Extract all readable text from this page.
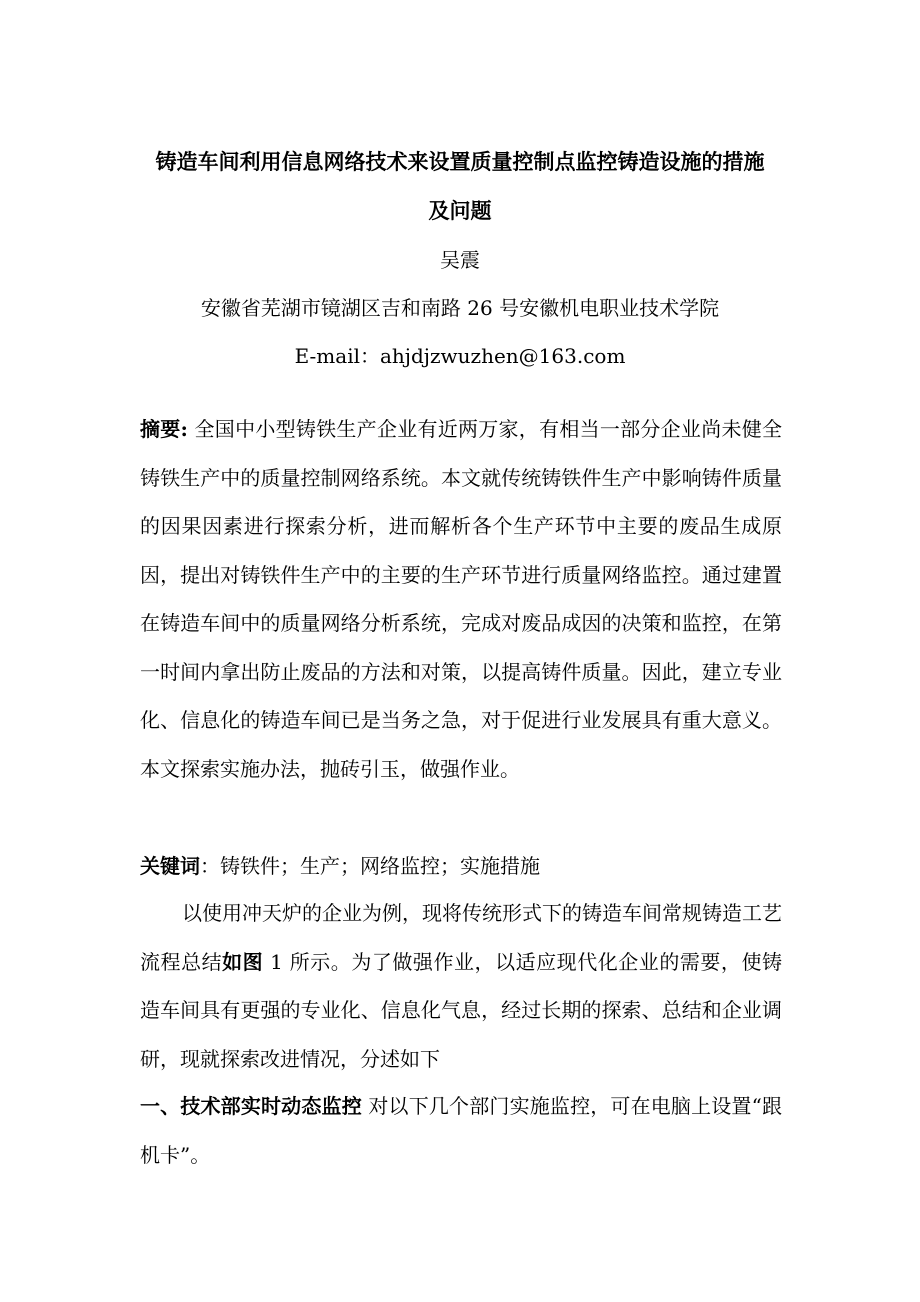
铸造车间利用信息网络技术来设置质量控制点监控铸造设施的措施
及问题

吴震

安徽省芜湖市镜湖区吉和南路 26 号安徽机电职业技术学院

E-mail：ahjdjzwuzhen@163.com

摘要: 全国中小型铸铁生产企业有近两万家，有相当一部分企业尚未健全铸铁生产中的质量控制网络系统。本文就传统铸铁件生产中影响铸件质量的因果因素进行探索分析，进而解析各个生产环节中主要的废品生成原因，提出对铸铁件生产中的主要的生产环节进行质量网络监控。通过建置在铸造车间中的质量网络分析系统，完成对废品成因的决策和监控，在第一时间内拿出防止废品的方法和对策，以提高铸件质量。因此，建立专业化、信息化的铸造车间已是当务之急，对于促进行业发展具有重大意义。本文探索实施办法，抛砖引玉，做强作业。

关键词：铸铁件；生产；网络监控；实施措施

以使用冲天炉的企业为例，现将传统形式下的铸造车间常规铸造工艺流程总结如图 1 所示。为了做强作业，以适应现代化企业的需要，使铸造车间具有更强的专业化、信息化气息，经过长期的探索、总结和企业调研，现就探索改进情况，分述如下

一、技术部实时动态监控 对以下几个部门实施监控，可在电脑上设置“跟机卡”。
